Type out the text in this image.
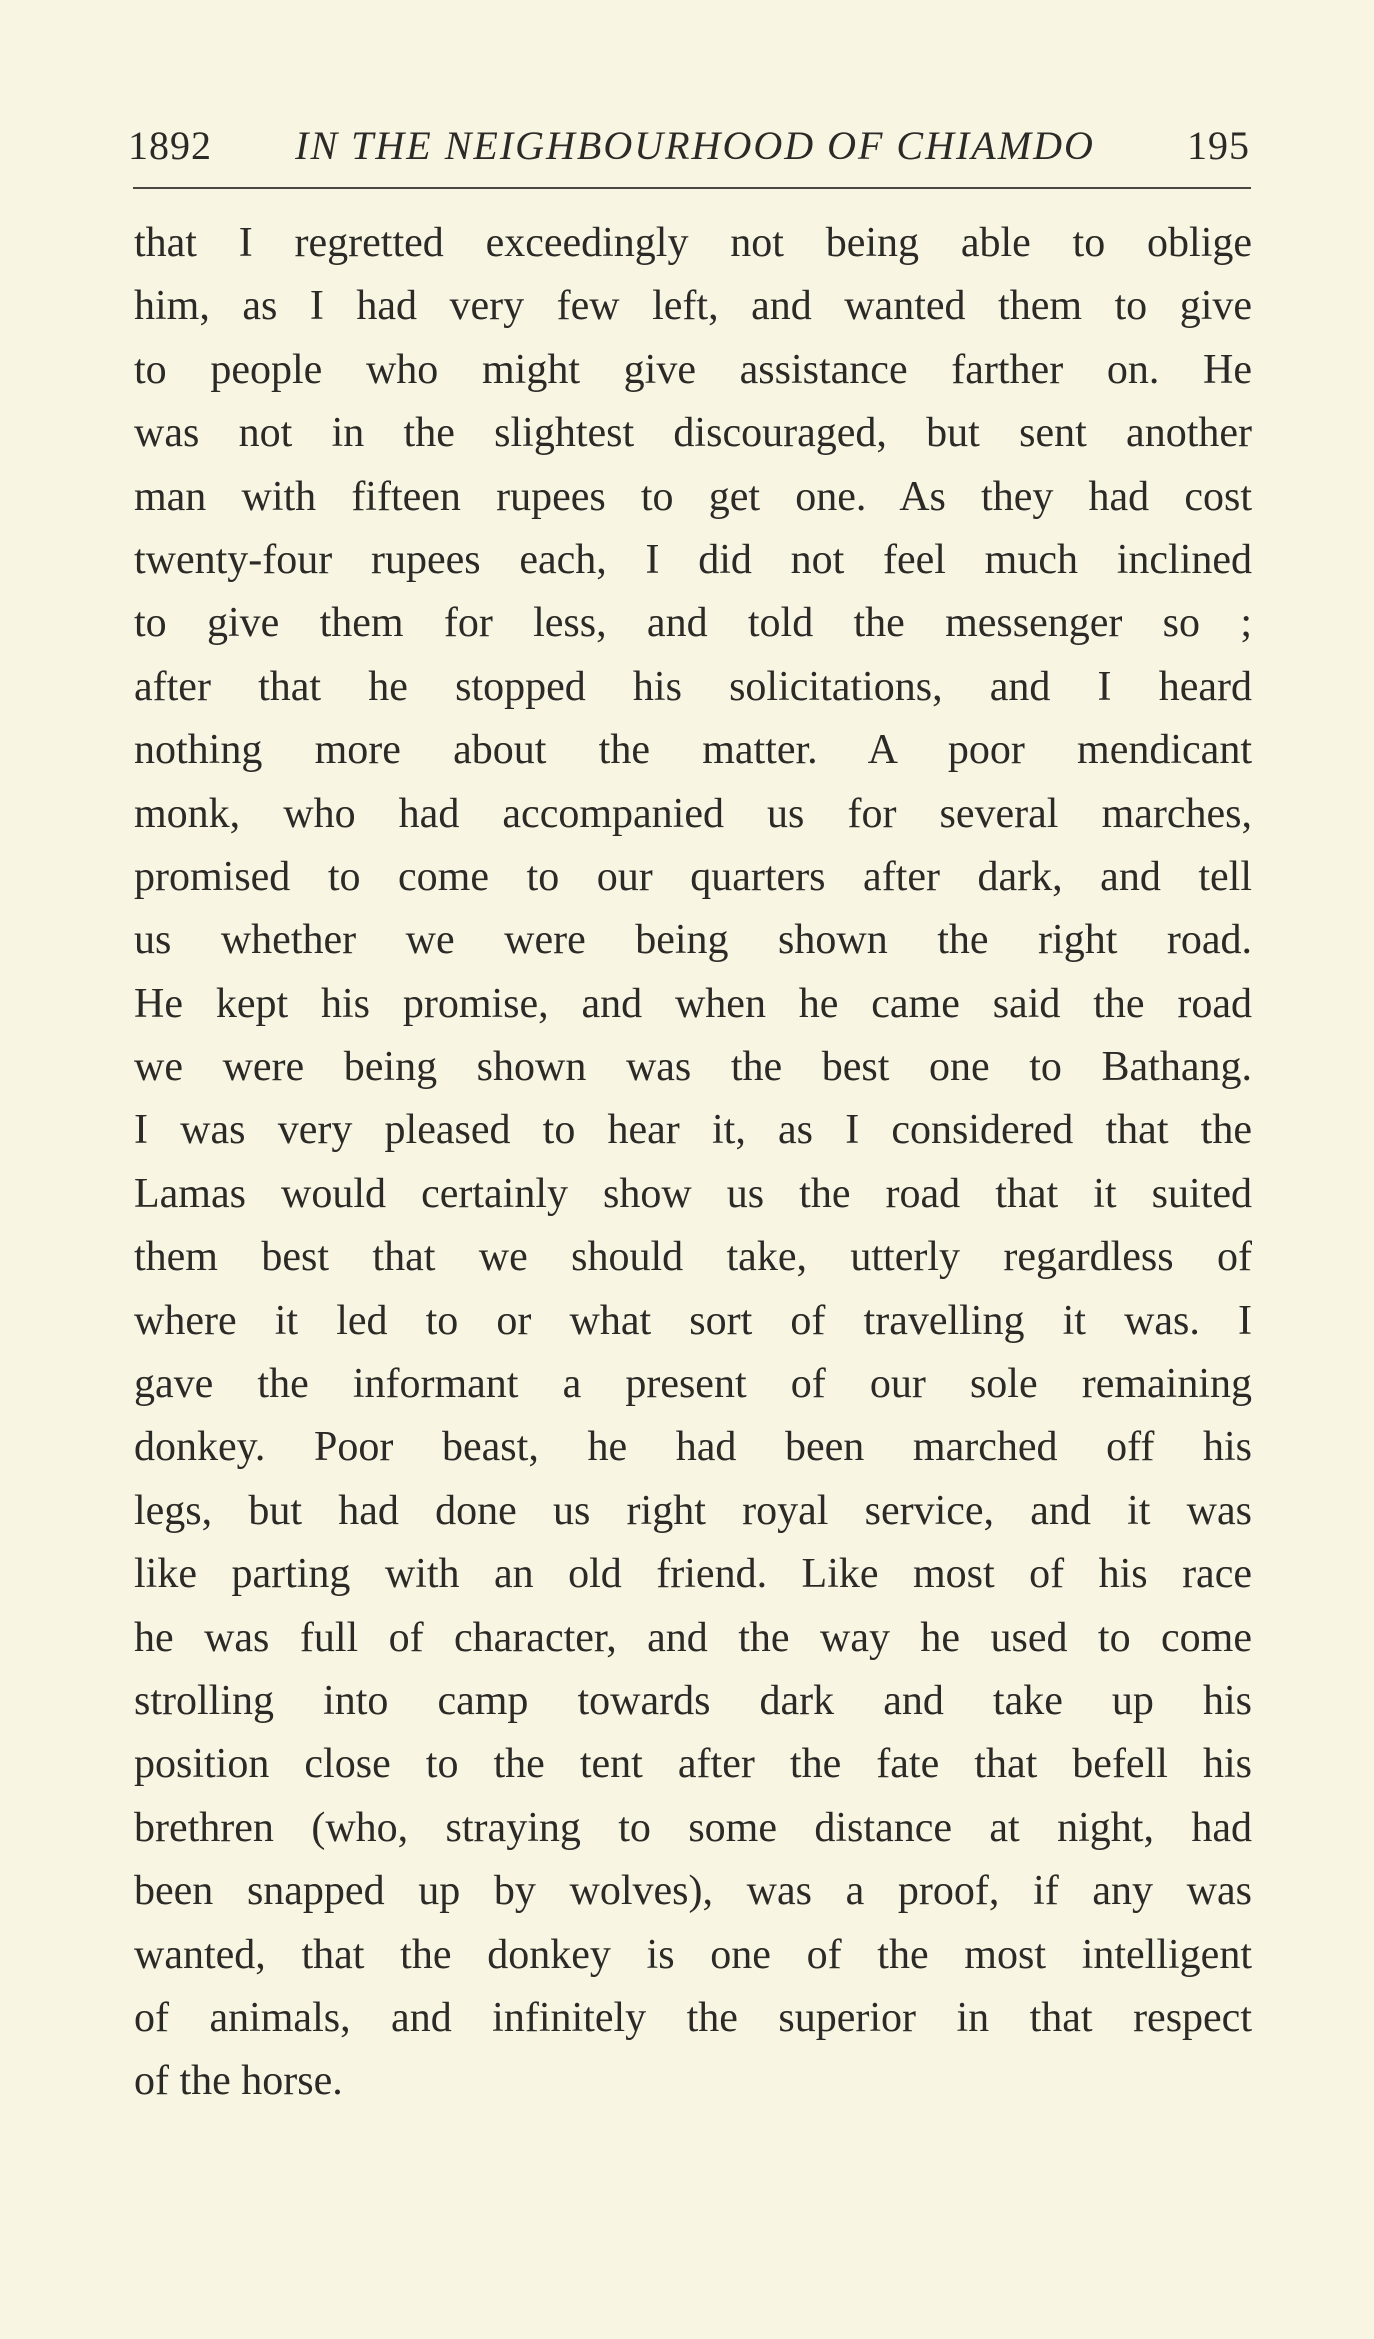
1892	IN THE NEIGHBOURHOOD OF CHIAMDO	195
that I regretted exceedingly not being able to oblige
him, as I had very few left, and wanted them to give
to people who might give assistance farther on. He
was not in the slightest discouraged, but sent another
man with fifteen rupees to get one. As they had cost
twenty-four rupees each, I did not feel much inclined
to give them for less, and told the messenger so ;
after that he stopped his solicitations, and I heard
nothing more about the matter. A poor mendicant
monk, who had accompanied us for several marches,
promised to come to our quarters after dark, and tell
us whether we were being shown the right road.
He kept his promise, and when he came said the road
we were being shown was the best one to Bathang.
I was very pleased to hear it, as I considered that the
Lamas would certainly show us the road that it suited
them best that we should take, utterly regardless of
where it led to or what sort of travelling it was. I
gave the informant a present of our sole remaining
donkey. Poor beast, he had been marched off his
legs, but had done us right royal service, and it was
like parting with an old friend. Like most of his race
he was full of character, and the way he used to come
strolling into camp towards dark and take up his
position close to the tent after the fate that befell his
brethren (who, straying to some distance at night, had
been snapped up by wolves), was a proof, if any was
wanted, that the donkey is one of the most intelligent
of animals, and infinitely the superior in that respect
of the horse.
